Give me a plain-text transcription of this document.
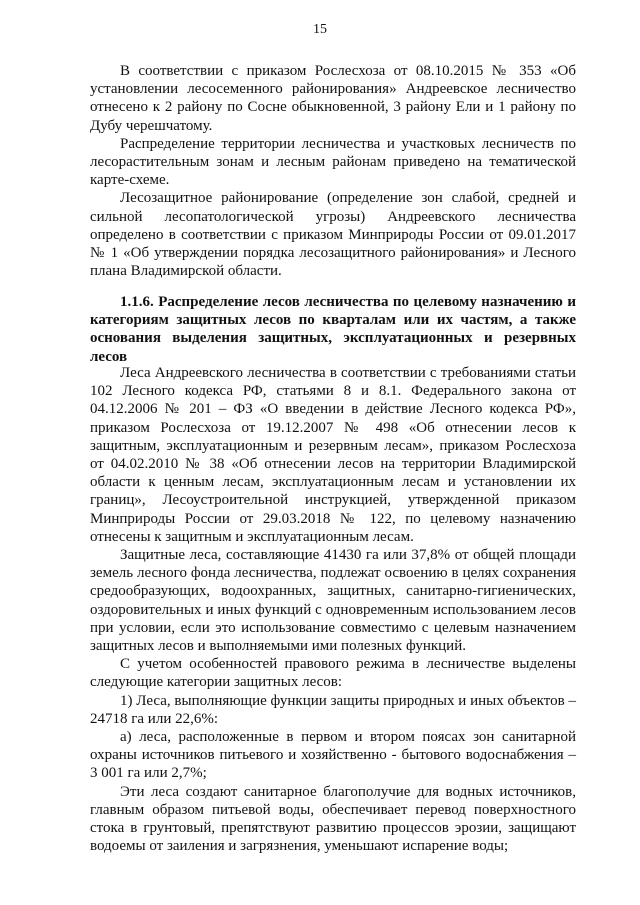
15

В соответствии с приказом Рослесхоза от 08.10.2015 № 353 «Об установлении лесосеменного районирования» Андреевское лесничество отнесено к 2 району по Сосне обыкновенной, 3 району Ели и 1 району по Дубу черешчатому.

Распределение территории лесничества и участковых лесничеств по лесорастительным зонам и лесным районам приведено на тематической карте-схеме.

Лесозащитное районирование (определение зон слабой, средней и сильной лесопатологической угрозы) Андреевского лесничества определено в соответствии с приказом Минприроды России от 09.01.2017 № 1 «Об утверждении порядка лесозащитного районирования» и Лесного плана Владимирской области.

1.1.6. Распределение лесов лесничества по целевому назначению и категориям защитных лесов по кварталам или их частям, а также основания выделения защитных, эксплуатационных и резервных лесов

Леса Андреевского лесничества в соответствии с требованиями статьи 102 Лесного кодекса РФ, статьями 8 и 8.1. Федерального закона от 04.12.2006 № 201 – ФЗ «О введении в действие Лесного кодекса РФ», приказом Рослесхоза от 19.12.2007 № 498 «Об отнесении лесов к защитным, эксплуатационным и резервным лесам», приказом Рослесхоза от 04.02.2010 № 38 «Об отнесении лесов на территории Владимирской области к ценным лесам, эксплуатационным лесам и установлении их границ», Лесоустроительной инструкцией, утвержденной приказом Минприроды России от 29.03.2018 № 122, по целевому назначению отнесены к защитным и эксплуатационным лесам.

Защитные леса, составляющие 41430 га или 37,8% от общей площади земель лесного фонда лесничества, подлежат освоению в целях сохранения средообразующих, водоохранных, защитных, санитарно-гигиенических, оздоровительных и иных функций с одновременным использованием лесов при условии, если это использование совместимо с целевым назначением защитных лесов и выполняемыми ими полезных функций.

С учетом особенностей правового режима в лесничестве выделены следующие категории защитных лесов:

1) Леса, выполняющие функции защиты природных и иных объектов – 24718 га или 22,6%:

а) леса, расположенные в первом и втором поясах зон санитарной охраны источников питьевого и хозяйственно - бытового водоснабжения – 3 001 га или 2,7%;

Эти леса создают санитарное благополучие для водных источников, главным образом питьевой воды, обеспечивает перевод поверхностного стока в грунтовый, препятствуют развитию процессов эрозии, защищают водоемы от заиления и загрязнения, уменьшают испарение воды;
